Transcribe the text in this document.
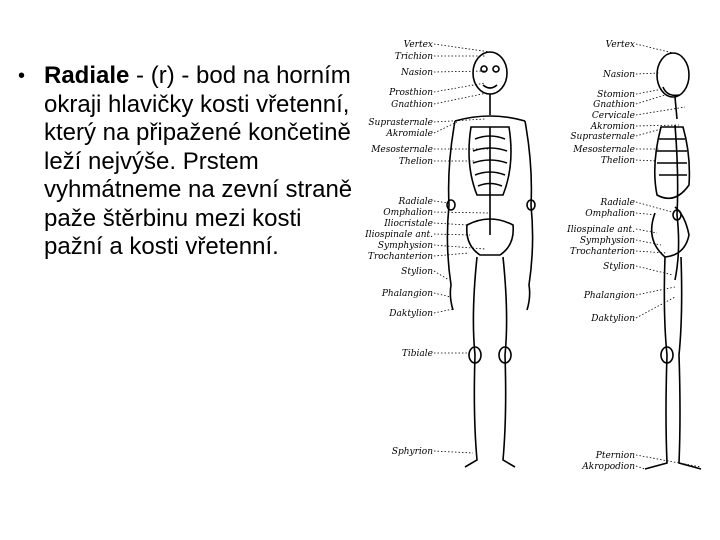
• Radiale - (r) - bod na horním okraji hlavičky kosti vřetenní, který na připažené končetině leží nejvýše. Prstem vyhmátneme na zevní straně paže štěrbinu mezi kosti pažní a kosti vřetenní.
Vertex
Trichion
Nasion
Prosthion
Gnathion
Suprasternale
Akromiale
Mesosternale
Thelion
Radiale
Omphalion
Iliocristale
Iliospinale ant.
Symphysion
Trochanterion
Stylion
Phalangion
Daktylion
Tibiale
Sphyrion
Vertex
Nasion
Stomion
Gnathion
Cervicale
Akromion
Suprasternale
Mesosternale
Thelion
Radiale
Omphalion
Iliospinale ant.
Symphysion
Trochanterion
Stylion
Phalangion
Daktylion
Pternion
Akropodion
